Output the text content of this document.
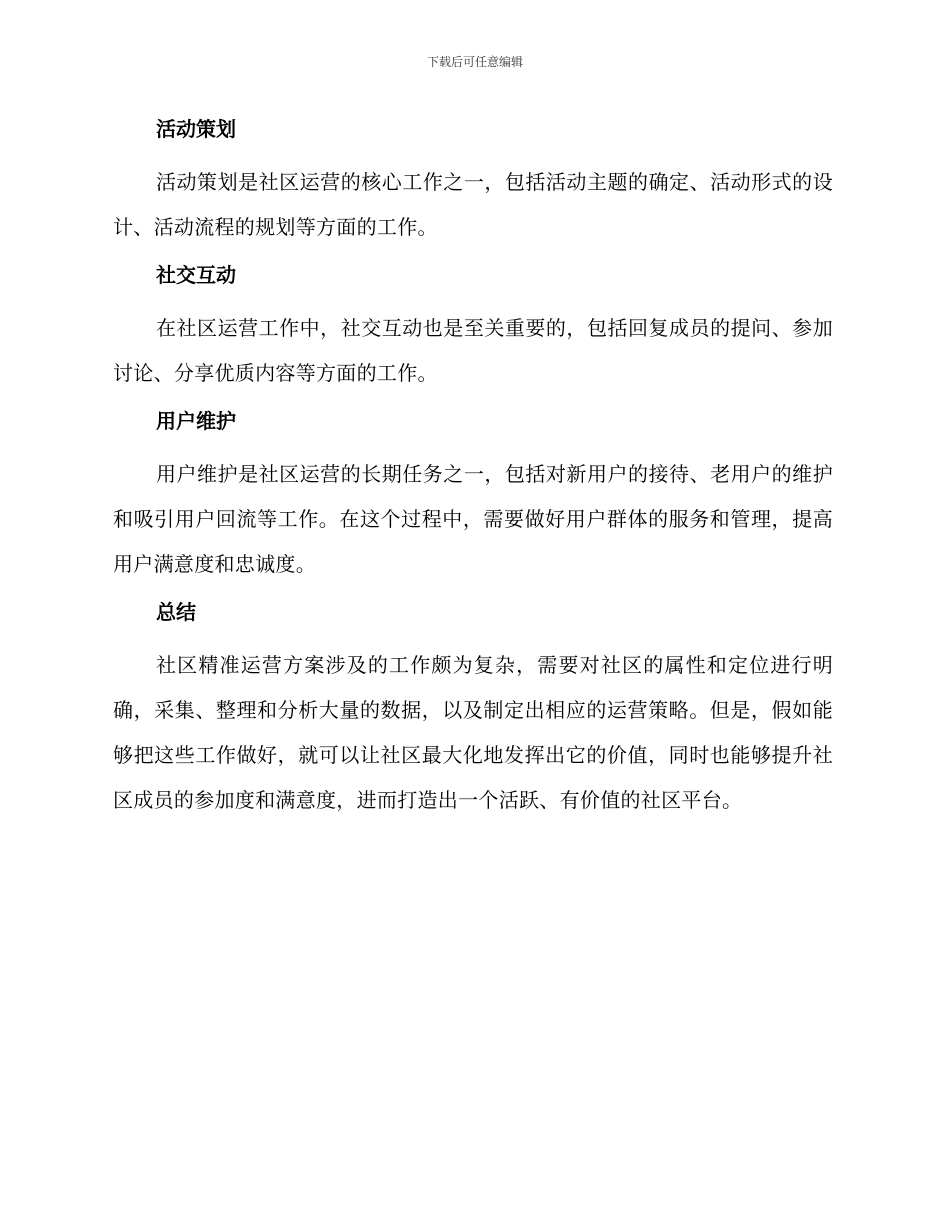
下载后可任意编辑
活动策划

活动策划是社区运营的核心工作之一，包括活动主题的确定、活动形式的设计、活动流程的规划等方面的工作。

社交互动

在社区运营工作中，社交互动也是至关重要的，包括回复成员的提问、参加讨论、分享优质内容等方面的工作。

用户维护

用户维护是社区运营的长期任务之一，包括对新用户的接待、老用户的维护和吸引用户回流等工作。在这个过程中，需要做好用户群体的服务和管理，提高用户满意度和忠诚度。

总结

社区精准运营方案涉及的工作颇为复杂，需要对社区的属性和定位进行明确，采集、整理和分析大量的数据，以及制定出相应的运营策略。但是，假如能够把这些工作做好，就可以让社区最大化地发挥出它的价值，同时也能够提升社区成员的参加度和满意度，进而打造出一个活跃、有价值的社区平台。
